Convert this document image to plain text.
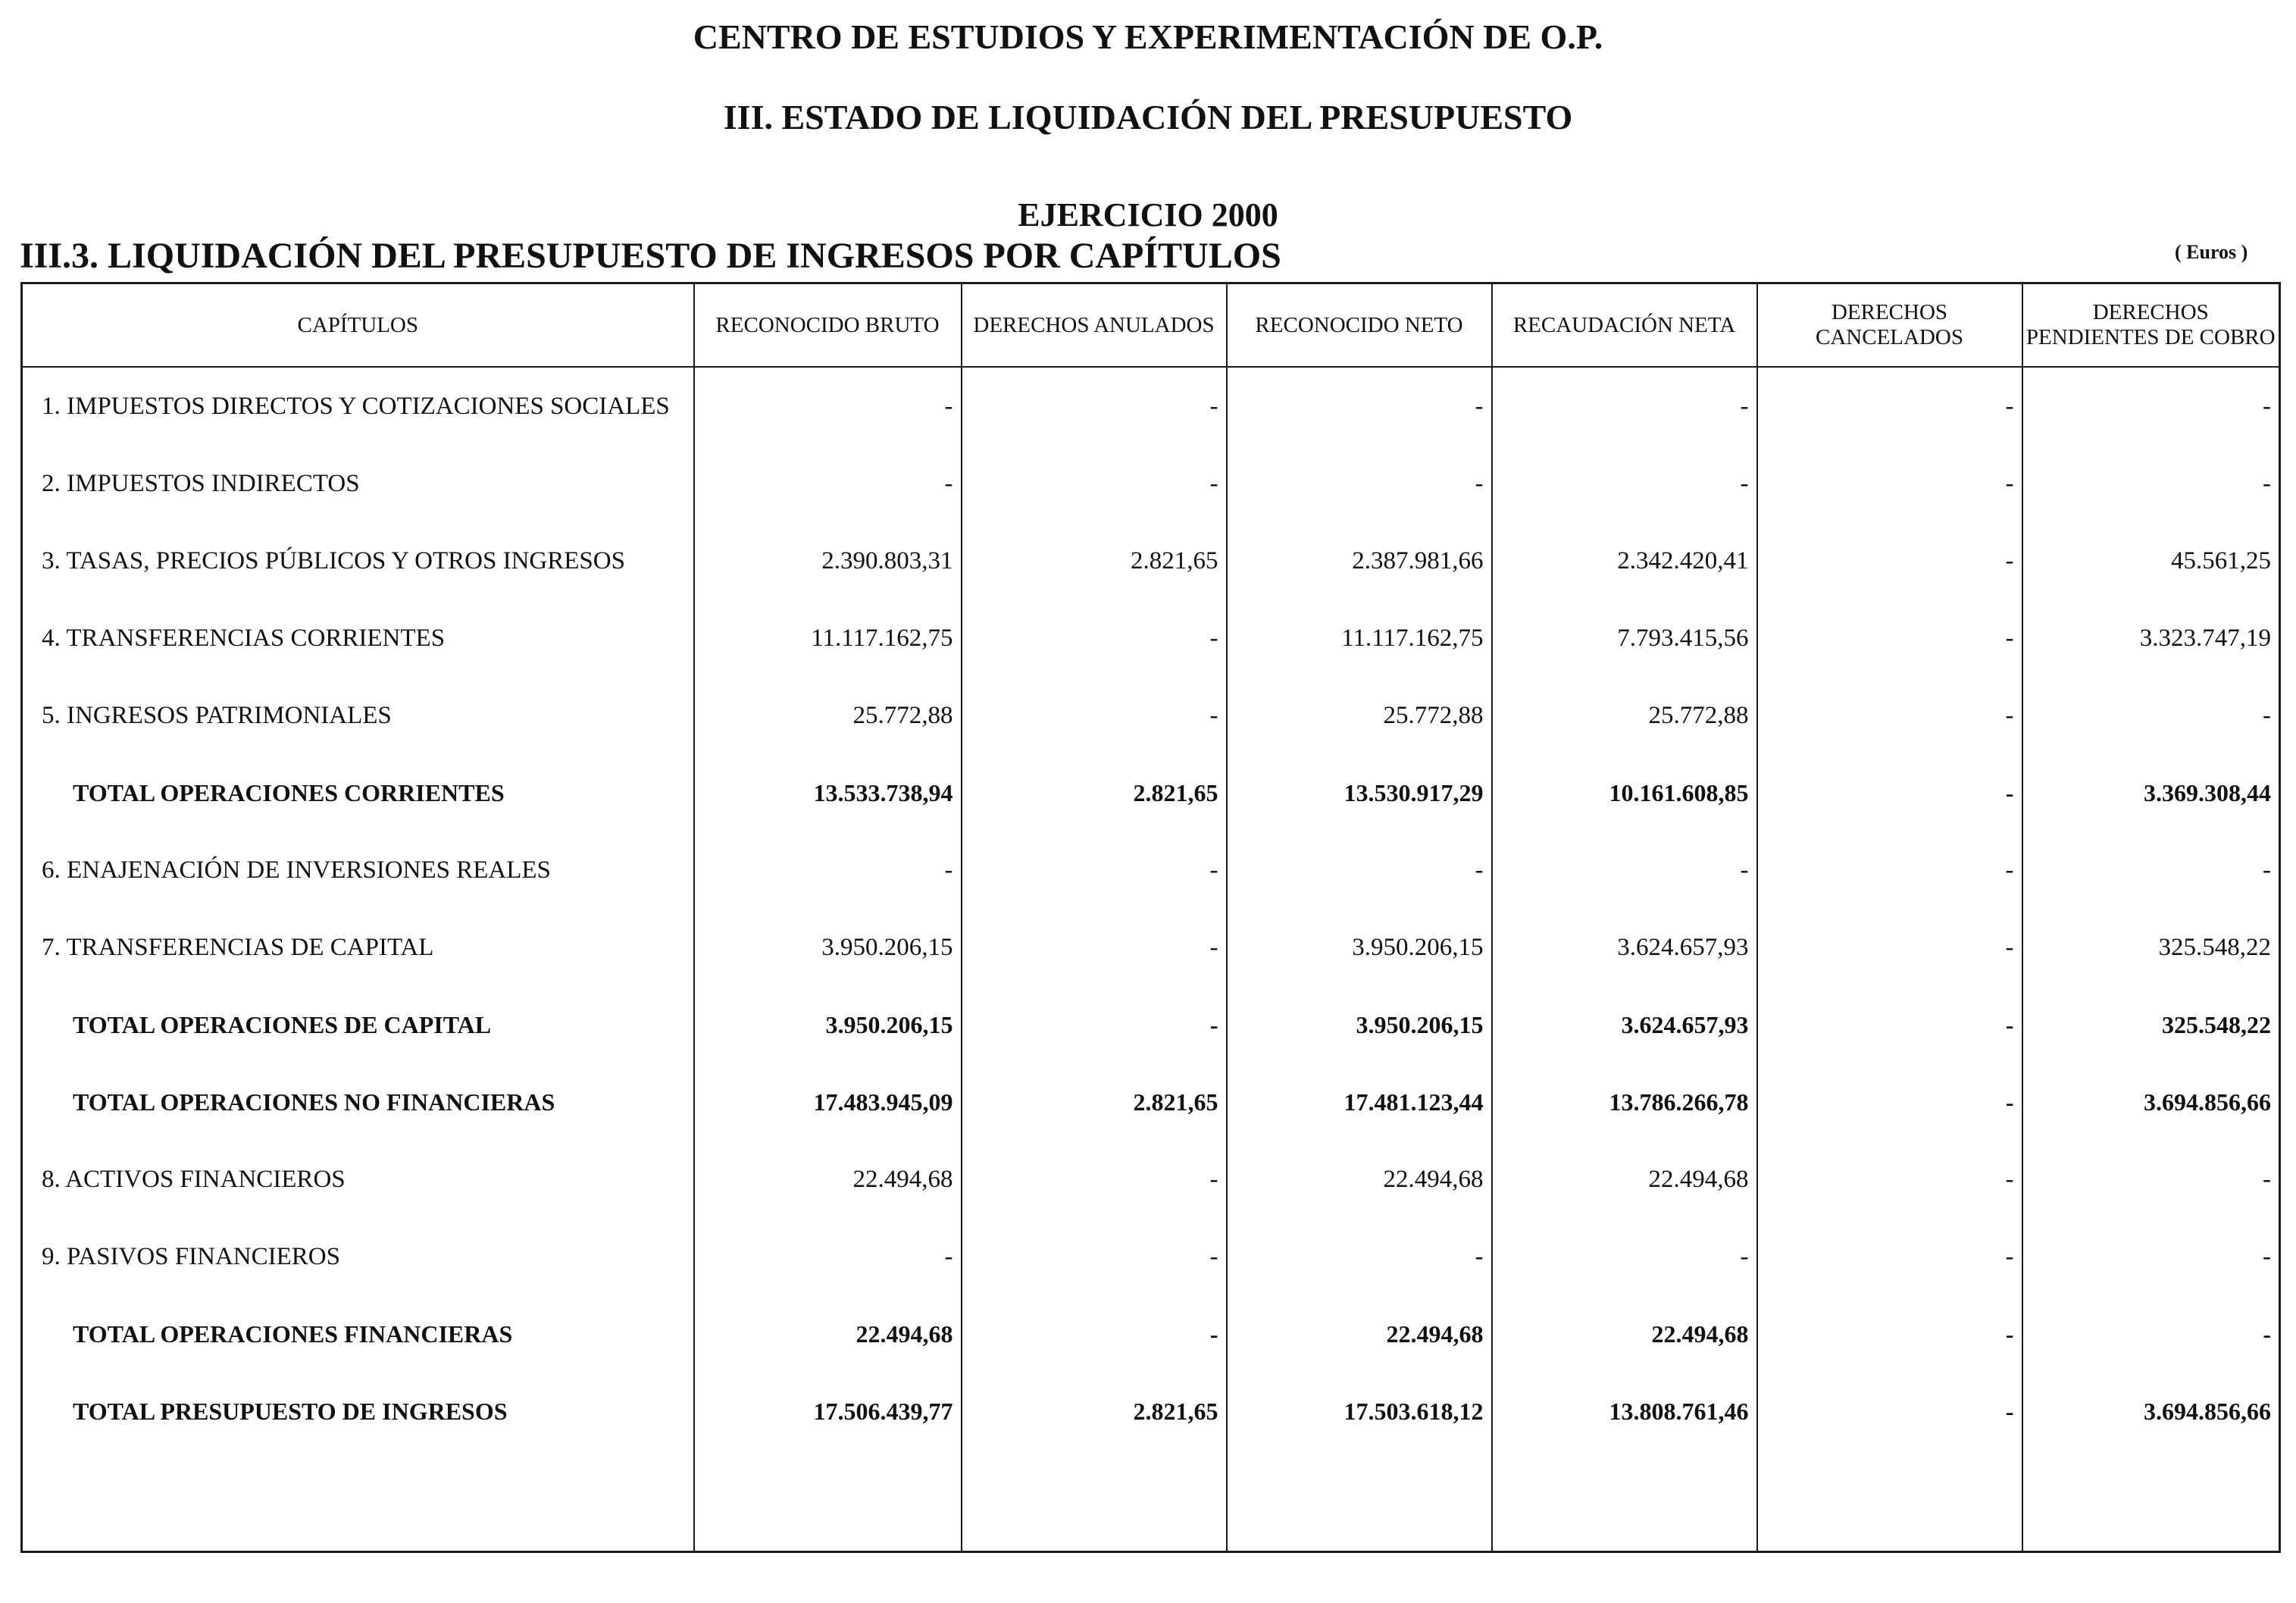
CENTRO DE ESTUDIOS Y EXPERIMENTACIÓN DE O.P.
III. ESTADO DE LIQUIDACIÓN DEL PRESUPUESTO
EJERCICIO 2000
III.3. LIQUIDACIÓN DEL PRESUPUESTO DE INGRESOS POR CAPÍTULOS	( Euros )
CAPÍTULOS	RECONOCIDO BRUTO	DERECHOS ANULADOS	RECONOCIDO NETO	RECAUDACIÓN NETA	DERECHOS CANCELADOS	DERECHOS PENDIENTES DE COBRO
1. IMPUESTOS DIRECTOS Y COTIZACIONES SOCIALES	-	-	-	-	-	-
2. IMPUESTOS INDIRECTOS	-	-	-	-	-	-
3. TASAS, PRECIOS PÚBLICOS Y OTROS INGRESOS	2.390.803,31	2.821,65	2.387.981,66	2.342.420,41	-	45.561,25
4. TRANSFERENCIAS CORRIENTES	11.117.162,75	-	11.117.162,75	7.793.415,56	-	3.323.747,19
5. INGRESOS PATRIMONIALES	25.772,88	-	25.772,88	25.772,88	-	-
TOTAL OPERACIONES CORRIENTES	13.533.738,94	2.821,65	13.530.917,29	10.161.608,85	-	3.369.308,44
6. ENAJENACIÓN DE INVERSIONES REALES	-	-	-	-	-	-
7. TRANSFERENCIAS DE CAPITAL	3.950.206,15	-	3.950.206,15	3.624.657,93	-	325.548,22
TOTAL OPERACIONES DE CAPITAL	3.950.206,15	-	3.950.206,15	3.624.657,93	-	325.548,22
TOTAL OPERACIONES NO FINANCIERAS	17.483.945,09	2.821,65	17.481.123,44	13.786.266,78	-	3.694.856,66
8. ACTIVOS FINANCIEROS	22.494,68	-	22.494,68	22.494,68	-	-
9. PASIVOS FINANCIEROS	-	-	-	-	-	-
TOTAL OPERACIONES FINANCIERAS	22.494,68	-	22.494,68	22.494,68	-	-
TOTAL PRESUPUESTO DE INGRESOS	17.506.439,77	2.821,65	17.503.618,12	13.808.761,46	-	3.694.856,66
